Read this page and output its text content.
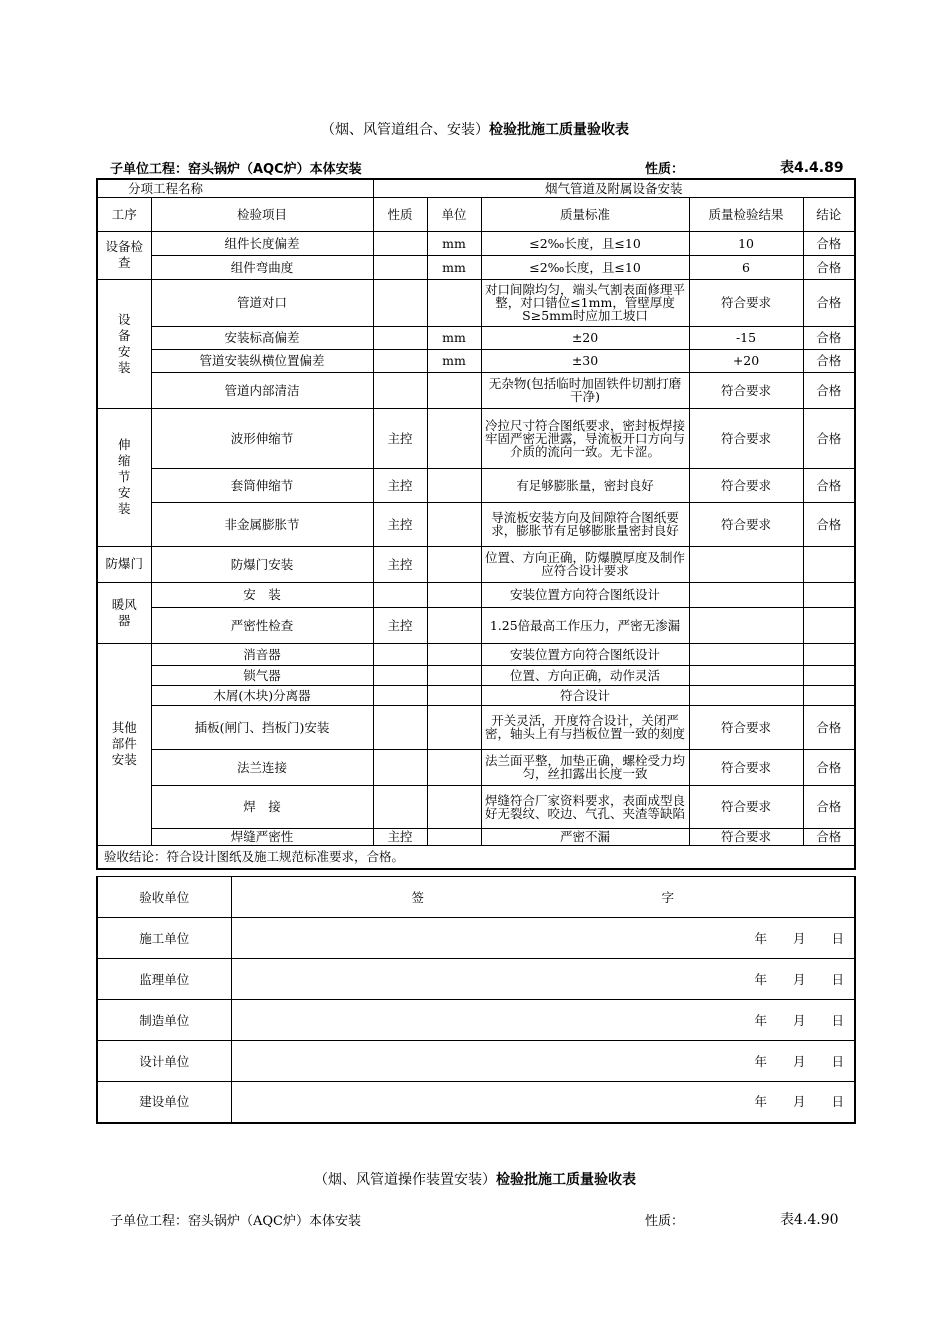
（烟、风管道组合、安装）检验批施工质量验收表
子单位工程：窑头锅炉（AQC炉）本体安装	性质：	表4.4.89
分项工程名称		烟气管道及附属设备安装				
工序	检验项目	性质	单位	质量标准	质量检验结果	结论
设备检查	组件长度偏差		mm	≤2‰长度，且≤10	10	合格
	组件弯曲度		mm	≤2‰长度，且≤10	6	合格
设备安装	管道对口			对口间隙均匀，端头气割表面修理平整，对口错位≤1mm，管壁厚度S≥5mm时应加工坡口	符合要求	合格
	安装标高偏差		mm	±20	-15	合格
	管道安装纵横位置偏差		mm	±30	+20	合格
	管道内部清洁			无杂物(包括临时加固铁件切割打磨干净)	符合要求	合格
伸缩节安装	波形伸缩节	主控		冷拉尺寸符合图纸要求，密封板焊接牢固严密无泄露，导流板开口方向与介质的流向一致。无卡涩。	符合要求	合格
	套筒伸缩节	主控		有足够膨胀量，密封良好	符合要求	合格
	非金属膨胀节	主控		导流板安装方向及间隙符合图纸要求，膨胀节有足够膨胀量密封良好	符合要求	合格
防爆门	防爆门安装	主控		位置、方向正确，防爆膜厚度及制作应符合设计要求		
暖风器	安　装			安装位置方向符合图纸设计		
	严密性检查	主控		1.25倍最高工作压力，严密无渗漏		
其他部件安装	消音器			安装位置方向符合图纸设计		
	锁气器			位置、方向正确，动作灵活		
	木屑(木块)分离器			符合设计		
	插板(闸门、挡板门)安装			开关灵活，开度符合设计，关闭严密，轴头上有与挡板位置一致的刻度	符合要求	合格
	法兰连接			法兰面平整，加垫正确，螺栓受力均匀，丝扣露出长度一致	符合要求	合格
	焊　接			焊缝符合厂家资料要求，表面成型良好无裂纹、咬边、气孔、夹渣等缺陷	符合要求	合格
	焊缝严密性	主控		严密不漏	符合要求	合格
验收结论：符合设计图纸及施工规范标准要求，合格。						
验收单位	签　　　　　　　　　　　　　　　　　　　字
施工单位	年 月 日
监理单位	年 月 日
制造单位	年 月 日
设计单位	年 月 日
建设单位	年 月 日
（烟、风管道操作装置安装）检验批施工质量验收表
子单位工程：窑头锅炉（AQC炉）本体安装	性质：	表4.4.90
